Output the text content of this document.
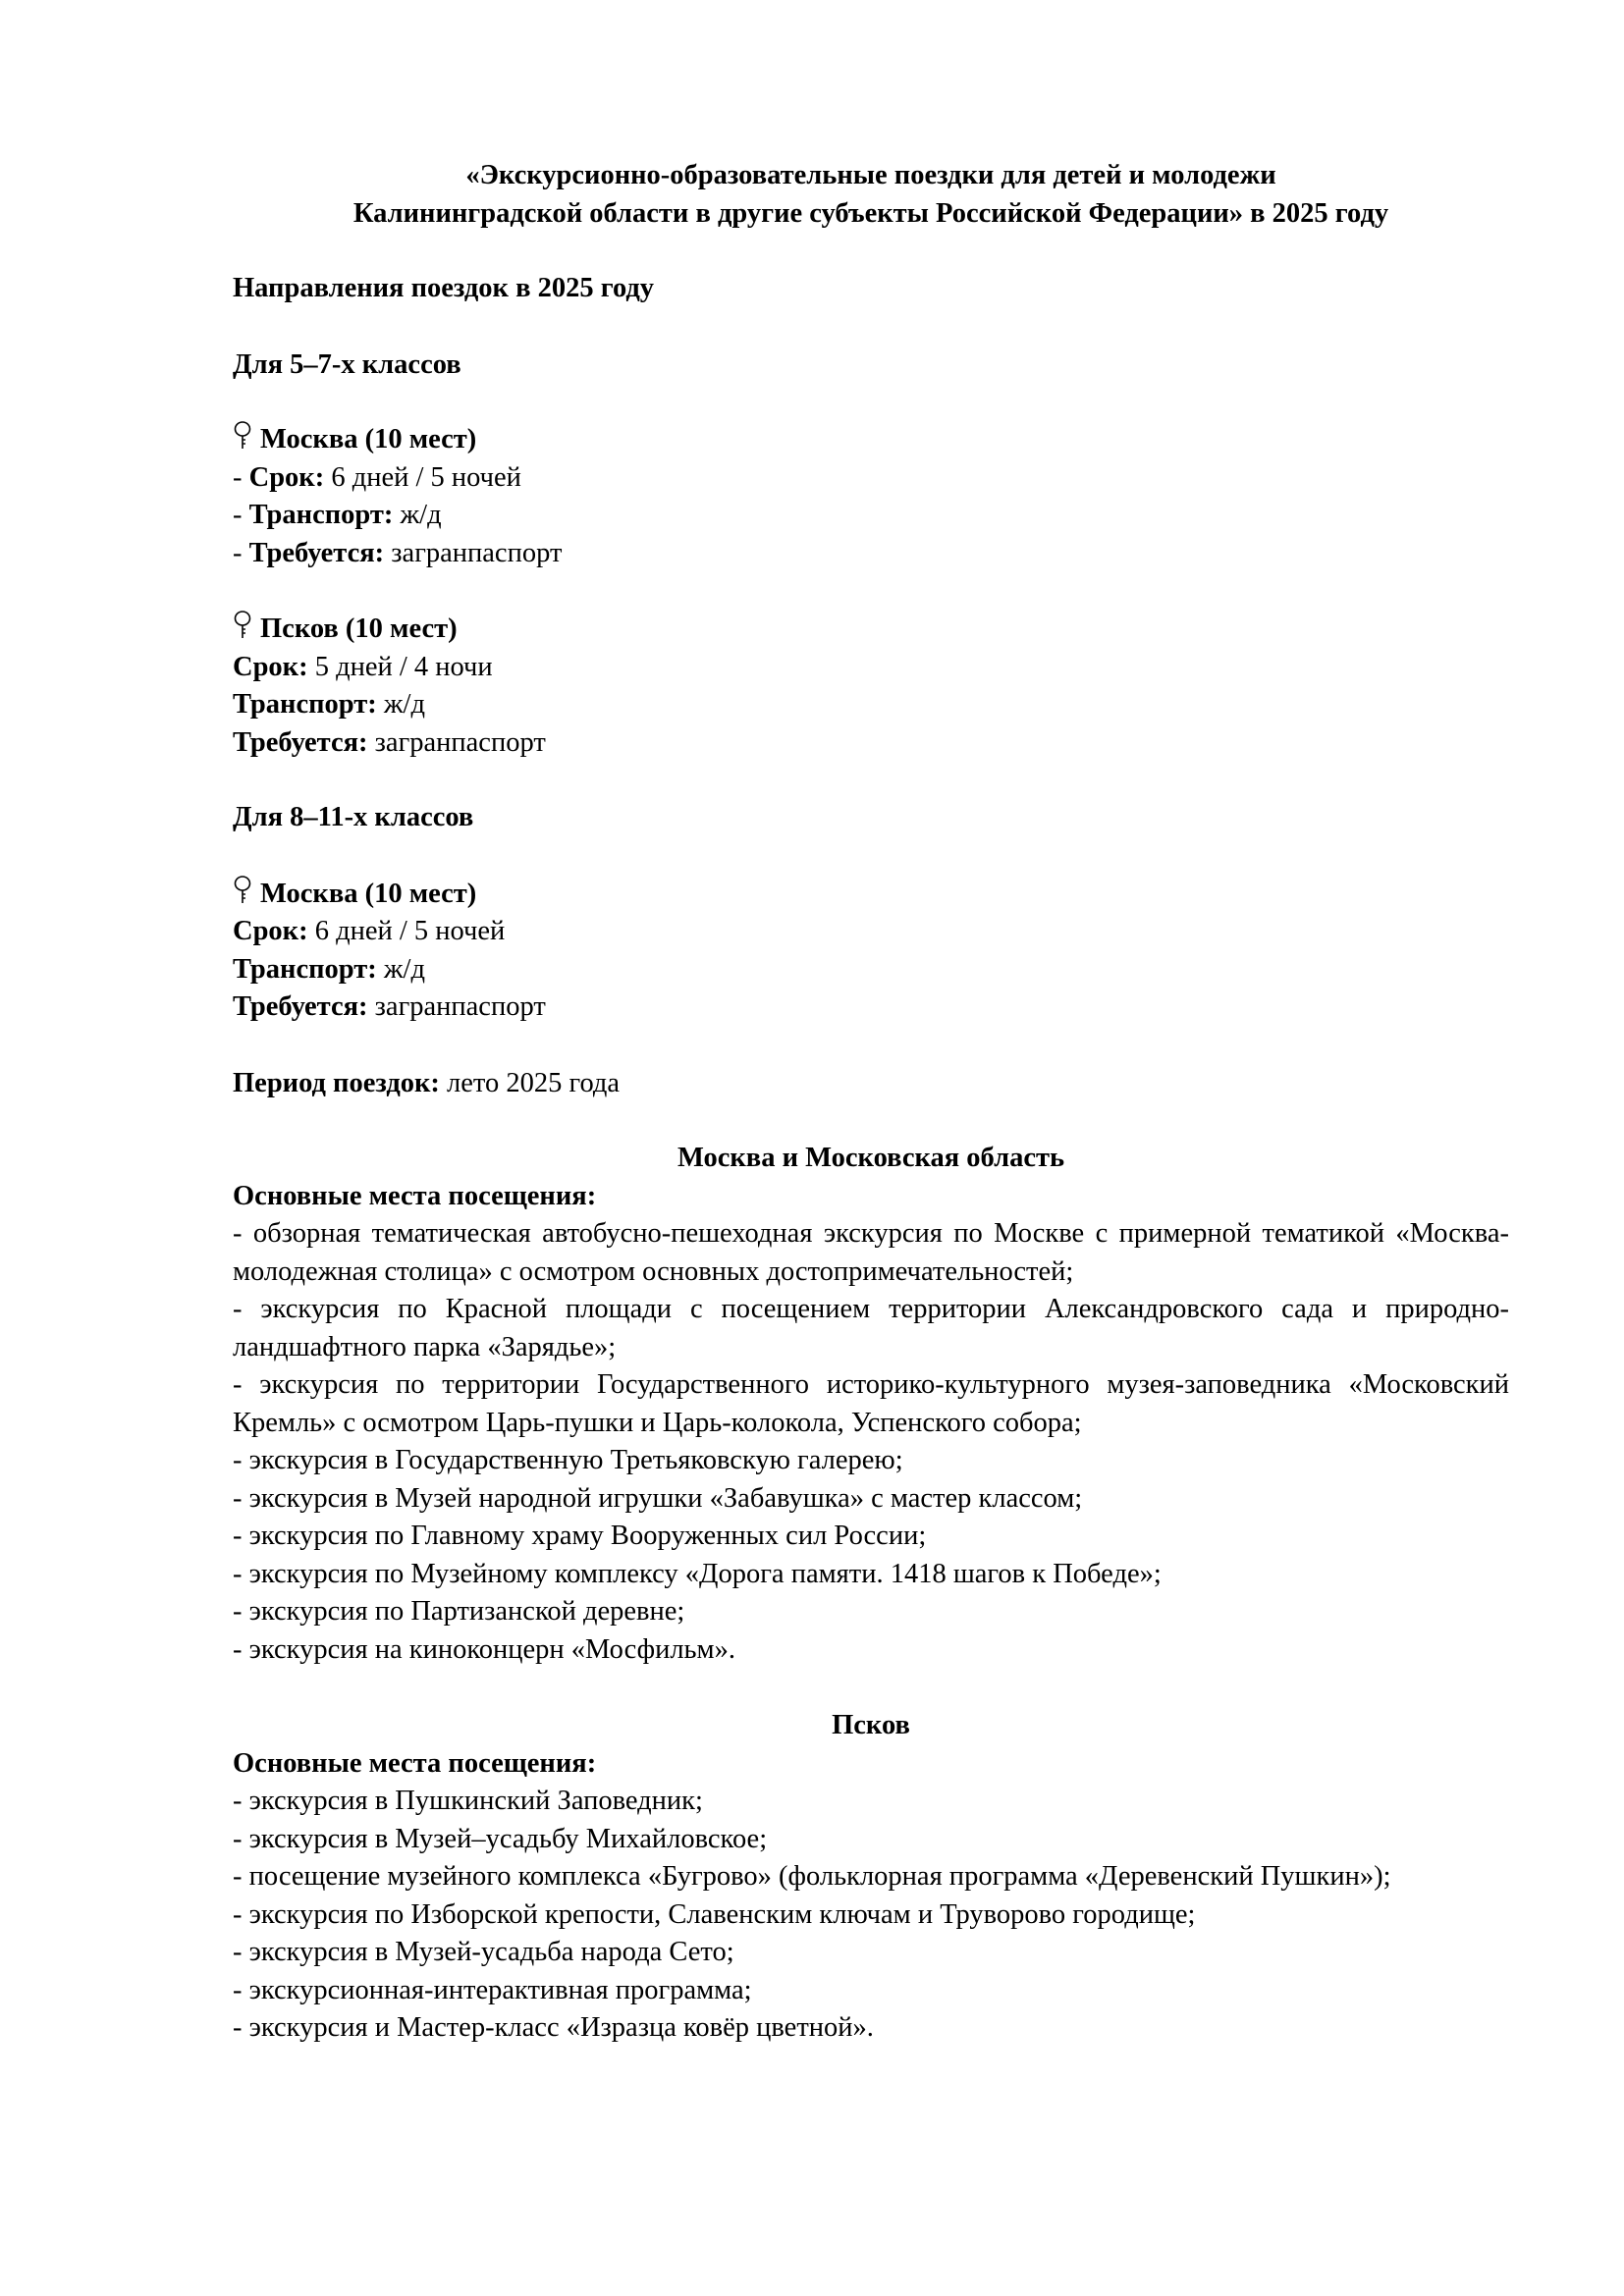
«Экскурсионно-образовательные поездки для детей и молодежи

Калининградской области в другие субъекты Российской Федерации» в 2025 году

Направления поездок в 2025 году

Для 5–7-х классов

Москва (10 мест)

- Срок: 6 дней / 5 ночей

- Транспорт: ж/д

- Требуется: загранпаспорт

Псков (10 мест)

Срок: 5 дней / 4 ночи

Транспорт: ж/д

Требуется: загранпаспорт

Для 8–11-х классов

Москва (10 мест)

Срок: 6 дней / 5 ночей

Транспорт: ж/д

Требуется: загранпаспорт

Период поездок: лето 2025 года

Москва и Московская область

Основные места посещения:

- обзорная тематическая автобусно-пешеходная экскурсия по Москве с примерной тематикой «Москва-молодежная столица» с осмотром основных достопримечательностей;
- экскурсия по Красной площади с посещением территории Александровского сада и природно-ландшафтного парка «Зарядье»;
- экскурсия по территории Государственного историко-культурного музея-заповедника «Московский Кремль» с осмотром Царь-пушки и Царь-колокола, Успенского собора;
- экскурсия в Государственную Третьяковскую галерею;
- экскурсия в Музей народной игрушки «Забавушка» с мастер классом;
- экскурсия по Главному храму Вооруженных сил России;
- экскурсия по Музейному комплексу «Дорога памяти. 1418 шагов к Победе»;
- экскурсия по Партизанской деревне;
- экскурсия на киноконцерн «Мосфильм».

Псков

Основные места посещения:

- экскурсия в Пушкинский Заповедник;
- экскурсия в Музей–усадьбу Михайловское;
- посещение музейного комплекса «Бугрово» (фольклорная программа «Деревенский Пушкин»);
- экскурсия по Изборской крепости, Славенским ключам и Труворово городище;
- экскурсия в Музей-усадьба народа Сето;
- экскурсионная-интерактивная программа;
- экскурсия и Мастер-класс «Изразца ковёр цветной».
